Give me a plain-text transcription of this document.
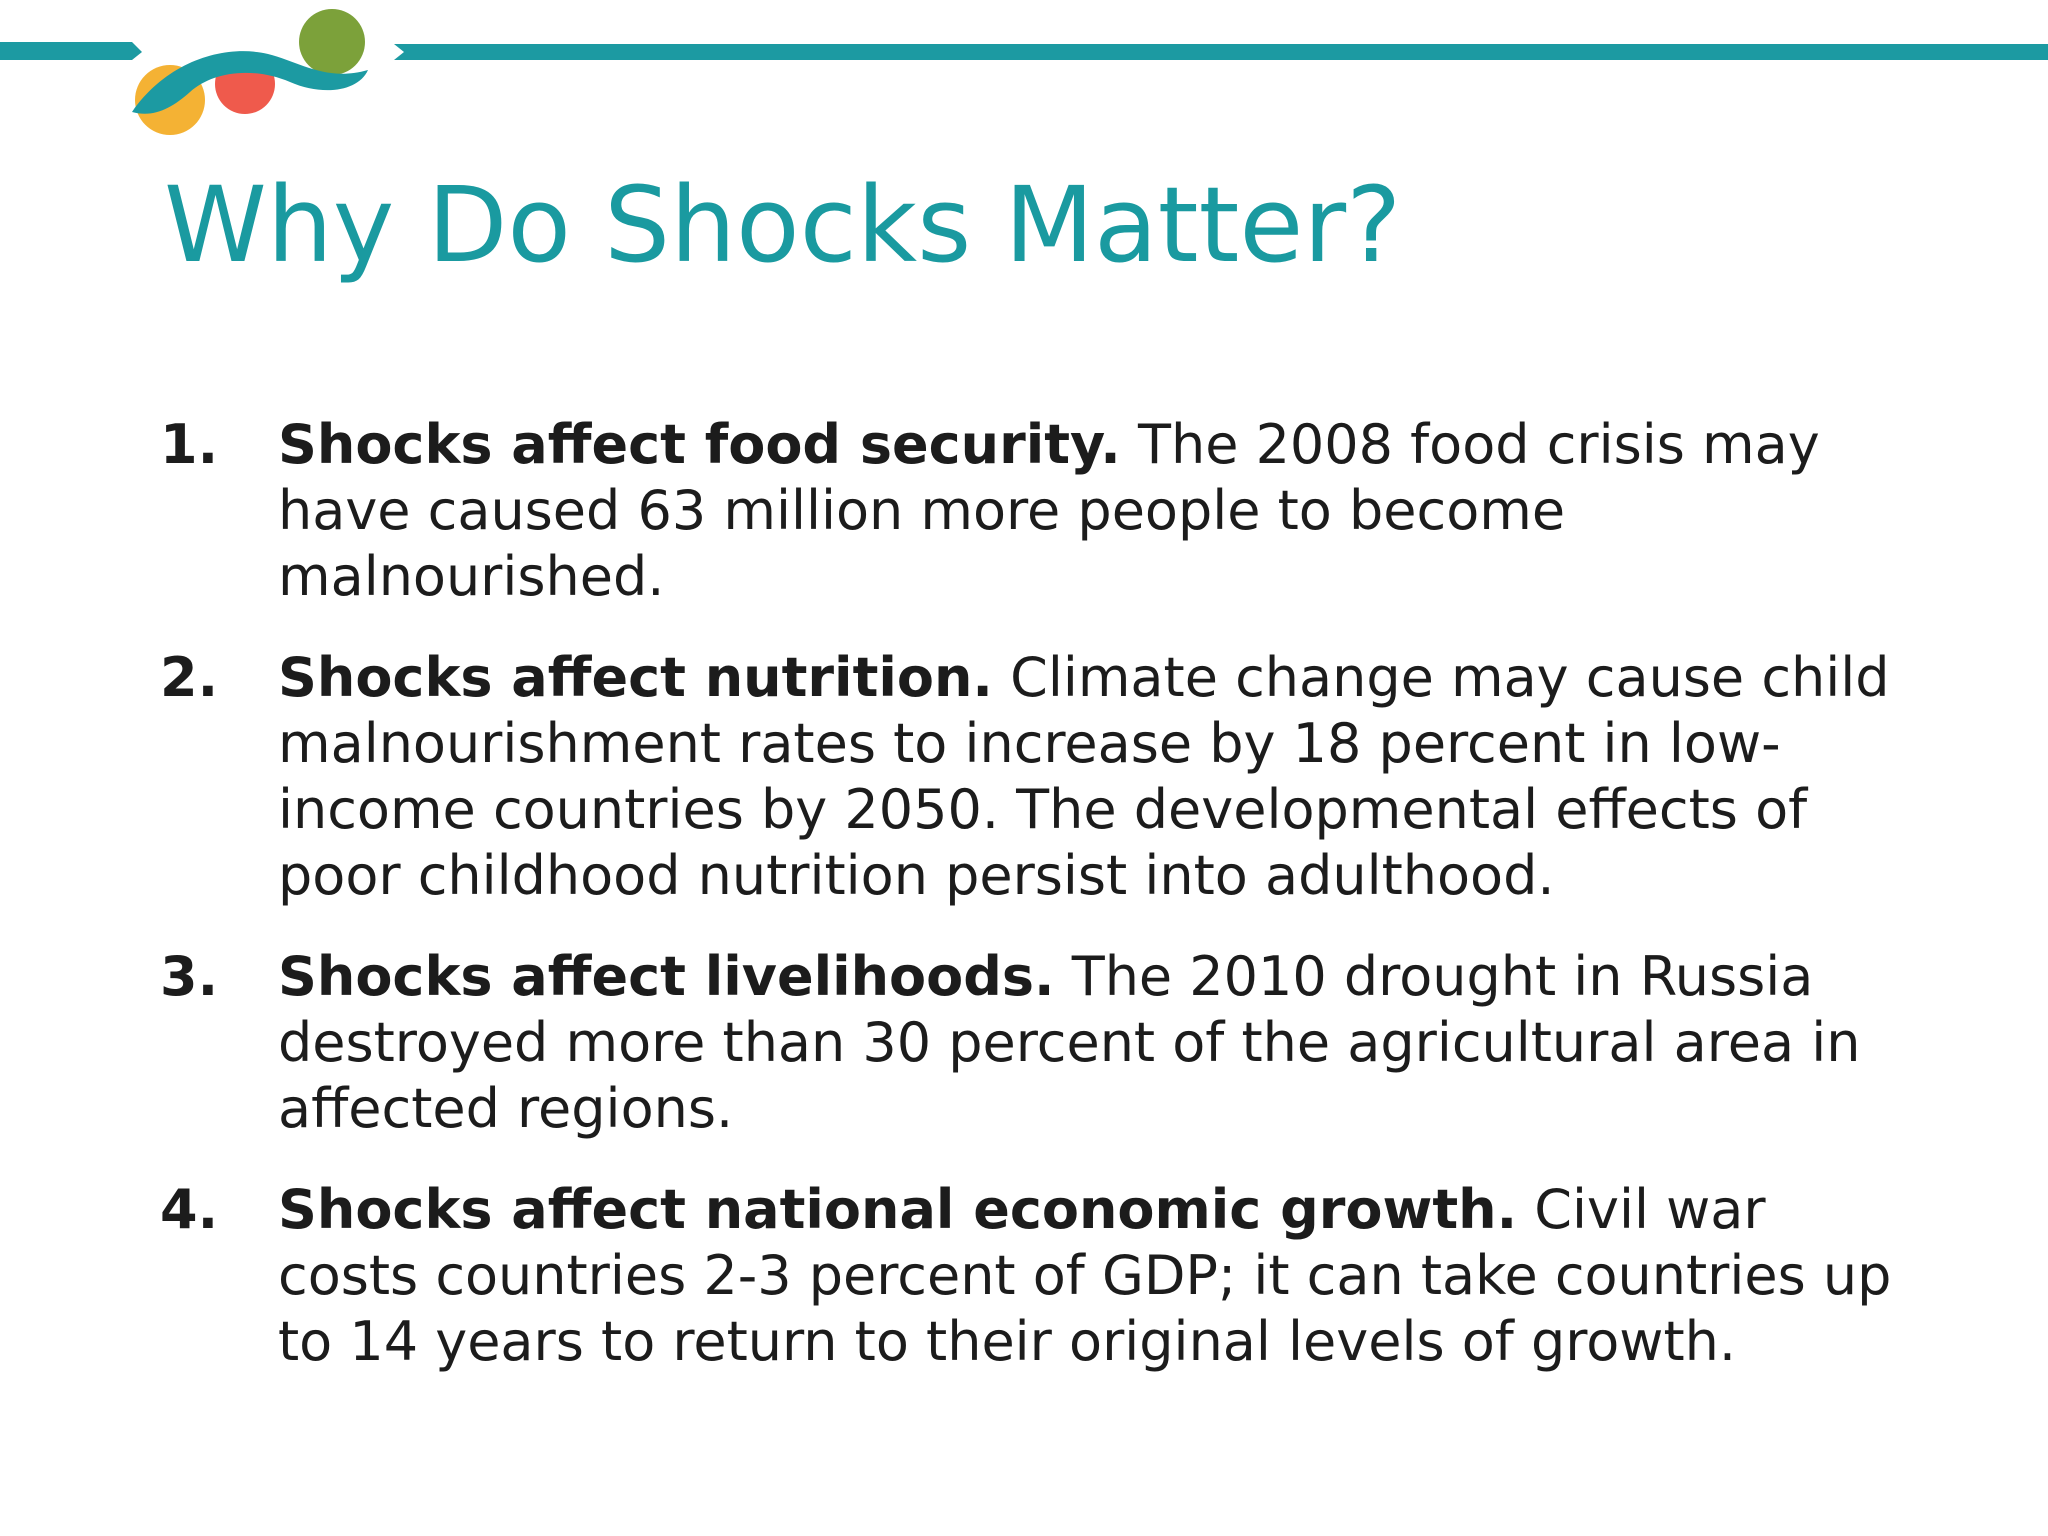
Why Do Shocks Matter?
1. Shocks affect food security. The 2008 food crisis may have caused 63 million more people to become malnourished.
2. Shocks affect nutrition. Climate change may cause child malnourishment rates to increase by 18 percent in low-income countries by 2050. The developmental effects of poor childhood nutrition persist into adulthood.
3. Shocks affect livelihoods. The 2010 drought in Russia destroyed more than 30 percent of the agricultural area in affected regions.
4. Shocks affect national economic growth. Civil war costs countries 2-3 percent of GDP; it can take countries up to 14 years to return to their original levels of growth.
